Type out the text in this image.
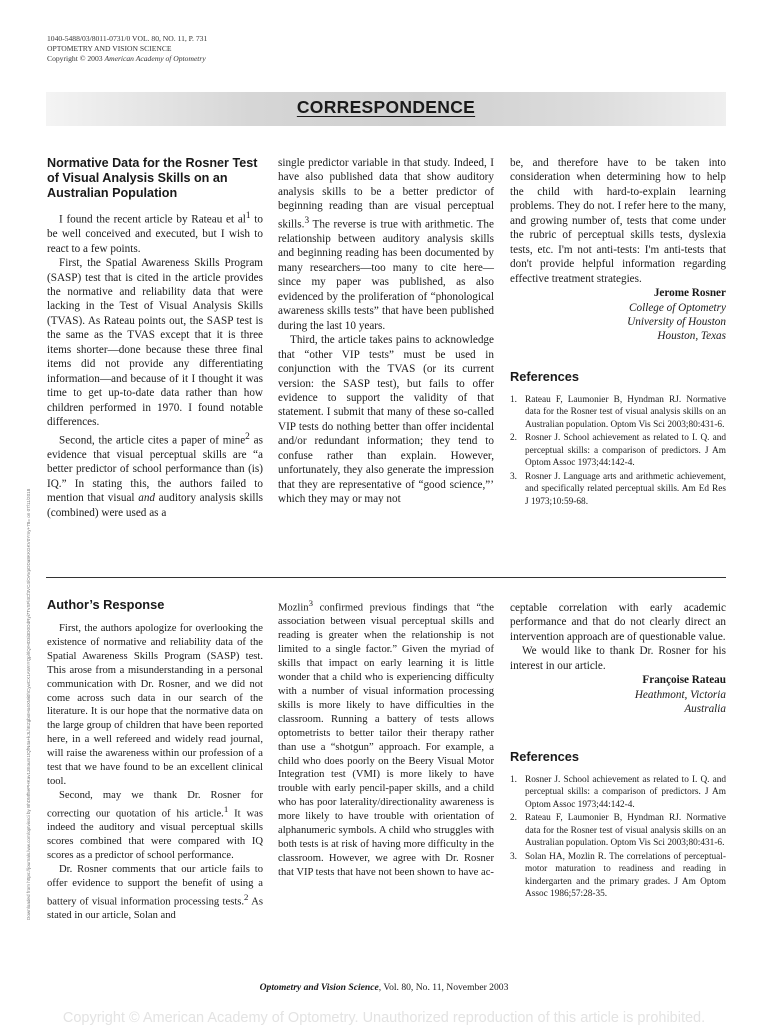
1040-5488/03/8011-0731/0 VOL. 80, NO. 11, P. 731
OPTOMETRY AND VISION SCIENCE
Copyright © 2003 American Academy of Optometry
CORRESPONDENCE
Downloaded from https://journals.lww.com/optvissci by BhDMf5ePHKav1zEoum1tQfN4a+kJLhEZgbsIHo4XMi0hCywCX1AWnYQp/IlQrHD3i3D0OdRyi7TvSFl4Cf3VC4/OAVpDDa8KKGKV0Ymy+78= on 07/11/2018
Normative Data for the Rosner Test of Visual Analysis Skills on an Australian Population

I found the recent article by Rateau et $al^1$ to be well conceived and executed, but I wish to react to a few points.

First, the Spatial Awareness Skills Program (SASP) test that is cited in the article provides the normative and reliability data that were lacking in the Test of Visual Analysis Skills (TVAS). As Rateau points out, the SASP test is the same as the TVAS except that it is three items shorter—done because these three final items did not provide any differentiating information—and because of it I thought it was time to get up-to-date data rather than how children performed in 1970. I found notable differences.

Second, the article cites a paper of mine$^2$ as evidence that visual perceptual skills are “a better predictor of school performance than (is) IQ.” In stating this, the authors failed to mention that visual and auditory analysis skills (combined) were used as a

single predictor variable in that study. Indeed, I have also published data that show auditory analysis skills to be a better predictor of beginning reading than are visual perceptual skills.$^3$ The reverse is true with arithmetic. The relationship between auditory analysis skills and beginning reading has been documented by many researchers—too many to cite here—since my paper was published, as also evidenced by the proliferation of “phonological awareness skills tests” that have been published during the last 10 years.

Third, the article takes pains to acknowledge that “other VIP tests” must be used in conjunction with the TVAS (or its current version: the SASP test), but fails to offer evidence to support the validity of that statement. I submit that many of these so-called VIP tests do nothing better than offer incidental and/or redundant information; they tend to confuse rather than explain. However, unfortunately, they also generate the impression that they are representative of “good science,”’ which they may or may not

be, and therefore have to be taken into consideration when determining how to help the child with hard-to-explain learning problems. They do not. I refer here to the many, and growing number of, tests that come under the rubric of perceptual skills tests, dyslexia tests, etc. I'm not anti-tests: I'm anti-tests that don't provide helpful information regarding effective treatment strategies.

Jerome Rosner
College of Optometry
University of Houston
Houston, Texas
References
1. Rateau F, Laumonier B, Hyndman RJ. Normative data for the Rosner test of visual analysis skills on an Australian population. Optom Vis Sci 2003;80:431-6.
2. Rosner J. School achievement as related to I. Q. and perceptual skills: a comparison of predictors. J Am Optom Assoc 1973;44:142-4.
3. Rosner J. Language arts and arithmetic achievement, and specifically related perceptual skills. Am Ed Res J 1973;10:59-68.
Author’s Response

First, the authors apologize for overlooking the existence of normative and reliability data of the Spatial Awareness Skills Program (SASP) test. This arose from a misunderstanding in a personal communication with Dr. Rosner, and we did not come across such data in our search of the literature. It is our hope that the normative data on the large group of children that have been reported here, in a well refereed and widely read journal, will raise the awareness within our profession of a test that we have found to be an excellent clinical tool.

Second, may we thank Dr. Rosner for correcting our quotation of his article.$^1$ It was indeed the auditory and visual perceptual skills scores combined that were compared with IQ scores as a predictor of school performance.

Dr. Rosner comments that our article fails to offer evidence to support the benefit of using a battery of visual information processing tests.$^2$ As stated in our article, Solan and

Mozlin$^3$ confirmed previous findings that “the association between visual perceptual skills and reading is greater when the relationship is not limited to a single factor.” Given the myriad of skills that impact on early learning it is little wonder that a child who is experiencing difficulty with a number of visual information processing skills is more likely to have difficulties in the classroom. Running a battery of tests allows optometrists to better tailor their therapy rather than use a “shotgun” approach. For example, a child who does poorly on the Beery Visual Motor Integration test (VMI) is more likely to have trouble with early pencil-paper skills, and a child who has poor laterality/directionality awareness is more likely to have trouble with orientation of alphanumeric symbols. A child who struggles with both tests is at risk of having more difficulty in the classroom. However, we agree with Dr. Rosner that VIP tests that have not been shown to have ac-

ceptable correlation with early academic performance and that do not clearly direct an intervention approach are of questionable value.

We would like to thank Dr. Rosner for his interest in our article.

Françoise Rateau
Heathmont, Victoria
Australia
References
1. Rosner J. School achievement as related to I. Q. and perceptual skills: a comparison of predictors. J Am Optom Assoc 1973;44:142-4.
2. Rateau F, Laumonier B, Hyndman RJ. Normative data for the Rosner test of visual analysis skills on an Australian population. Optom Vis Sci 2003;80:431-6.
3. Solan HA, Mozlin R. The correlations of perceptual-motor maturation to readiness and reading in kindergarten and the primary grades. J Am Optom Assoc 1986;57:28-35.
Optometry and Vision Science, Vol. 80, No. 11, November 2003
Copyright © American Academy of Optometry. Unauthorized reproduction of this article is prohibited.
